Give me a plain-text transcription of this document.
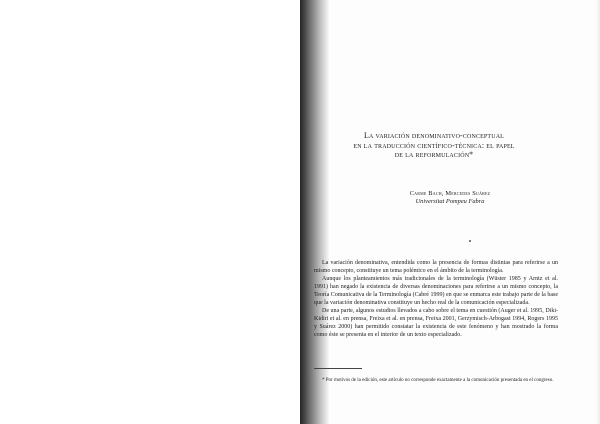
La variación denominativo-conceptual
en la traducción científico-técnica: el papel
de la reformulación*
Carme Bach, Mercedes Suárez
Universitat Pompeu Fabra

La variación denominativa, entendida como la presencia de formas distintas para referirse a un mismo concepto, constituye un tema polémico en el ámbito de la terminología.

Aunque los planteamientos más tradicionales de la terminología (Wüster 1985 y Arntz et al. 1991) han negado la existencia de diversas denominaciones para referirse a un mismo concepto, la Teoría Comunicativa de la Terminología (Cabré 1999) en que se enmarca este trabajo parte de la base que la variación denominativa constituye un hecho real de la comunicación especializada.

De una parte, algunos estudios llevados a cabo sobre el tema en cuestión (Auger et al. 1995, Diki-Kidiri et al. en prensa, Freixa et al. en prensa, Freixa 2001, Gerzymisch-Arbogast 1994, Rogers 1995 y Suárez 2000) han permitido constatar la existencia de este fenómeno y han mostrado la forma como éste se presenta en el interior de un texto especializado.

* Por motivos de la edición, este artículo no corresponde exactamente a la comunicación presentada en el congreso.
